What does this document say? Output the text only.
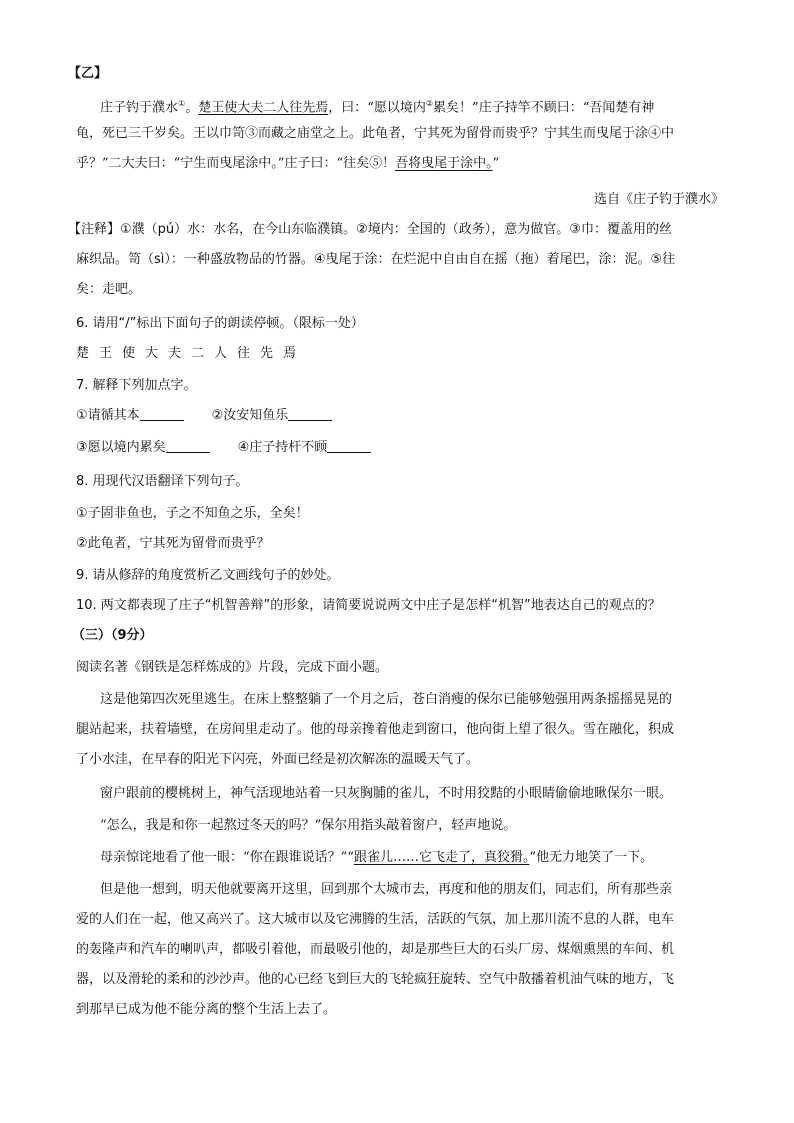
【乙】
庄子钓于濮水①。楚王使大夫二人往先焉，曰：“愿以境内②累矣！”庄子持竿不顾曰：“吾闻楚有神
龟，死已三千岁矣。王以巾笥③而藏之庙堂之上。此龟者，宁其死为留骨而贵乎？宁其生而曳尾于涂④中
乎？”二大夫曰：“宁生而曳尾涂中。”庄子曰：“往矣⑤！吾将曳尾于涂中。”
选自《庄子钓于濮水》
【注释】①濮（pú）水：水名，在今山东临濮镇。②境内：全国的（政务），意为做官。③巾：覆盖用的丝
麻织品。笥（sì）：一种盛放物品的竹器。④曳尾于涂：在烂泥中自由自在摇（拖）着尾巴，涂：泥。⑤往
矣：走吧。
6. 请用“/”标出下面句子的朗读停顿。（限标一处）
楚王使大夫二人往先焉
7. 解释下列加点字。
①请循其本	②汝安知鱼乐
③愿以境内累矣	④庄子持杆不顾
8. 用现代汉语翻译下列句子。
①子固非鱼也，子之不知鱼之乐，全矣！
②此龟者，宁其死为留骨而贵乎？
9. 请从修辞的角度赏析乙文画线句子的妙处。
10. 两文都表现了庄子“机智善辩”的形象，请简要说说两文中庄子是怎样“机智”地表达自己的观点的？
（三）（9分）
阅读名著《钢铁是怎样炼成的》片段，完成下面小题。
这是他第四次死里逃生。在床上整整躺了一个月之后，苍白消瘦的保尔已能够勉强用两条摇摇晃晃的
腿站起来，扶着墙壁，在房间里走动了。他的母亲搀着他走到窗口，他向街上望了很久。雪在融化，积成
了小水洼，在早春的阳光下闪亮，外面已经是初次解冻的温暖天气了。
窗户跟前的樱桃树上，神气活现地站着一只灰胸脯的雀儿，不时用狡黠的小眼睛偷偷地瞅保尔一眼。
“怎么，我是和你一起熬过冬天的吗？”保尔用指头敲着窗户，轻声地说。
母亲惊诧地看了他一眼：“你在跟谁说话？”“跟雀儿……它飞走了，真狡猾。”他无力地笑了一下。
但是他一想到，明天他就要离开这里，回到那个大城市去，再度和他的朋友们，同志们，所有那些亲
爱的人们在一起，他又高兴了。这大城市以及它沸腾的生活，活跃的气氛，加上那川流不息的人群，电车
的轰隆声和汽车的喇叭声，都吸引着他，而最吸引他的，却是那些巨大的石头厂房、煤烟熏黑的车间、机
器，以及滑轮的柔和的沙沙声。他的心已经飞到巨大的飞轮疯狂旋转、空气中散播着机油气味的地方，飞
到那早已成为他不能分离的整个生活上去了。
